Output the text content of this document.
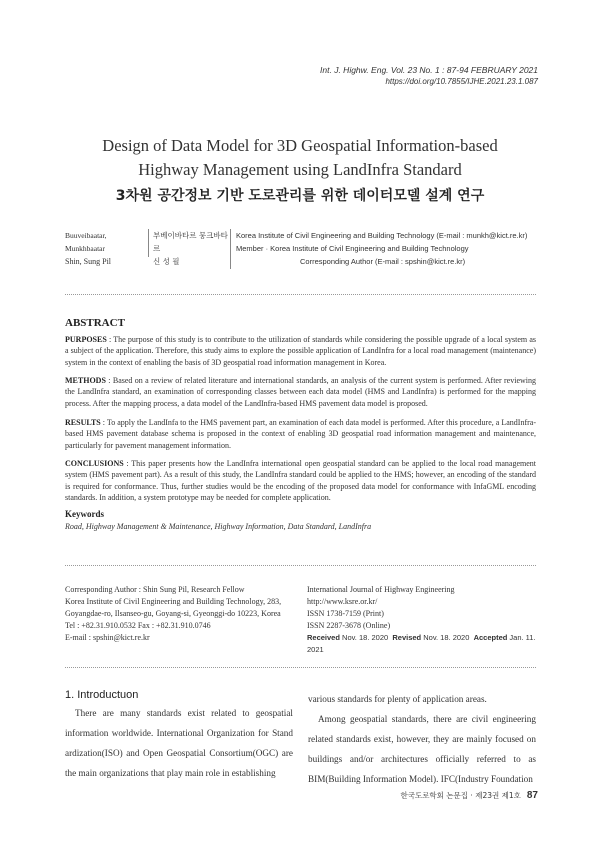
Int. J. Highw. Eng. Vol. 23 No. 1 : 87-94 FEBRUARY 2021
https://doi.org/10.7855/IJHE.2021.23.1.087
Design of Data Model for 3D Geospatial Information-based
Highway Management using LandInfra Standard
3차원 공간정보 기반 도로관리를 위한 데이터모델 설계 연구
Buuveibaatar, Munkhbaatar
Shin, Sung Pil
부베이바타르 뭉크바타르
신 성 필
Korea Institute of Civil Engineering and Building Technology (E-mail : munkh@kict.re.kr)
Member · Korea Institute of Civil Engineering and Building Technology
Corresponding Author (E-mail : spshin@kict.re.kr)
ABSTRACT
PURPOSES : The purpose of this study is to contribute to the utilization of standards while considering the possible upgrade of a local system as a subject of the application. Therefore, this study aims to explore the possible application of LandInfra for a local road management (maintenance) system in the context of enabling the basis of 3D geospatial road information management in Korea.
METHODS : Based on a review of related literature and international standards, an analysis of the current system is performed. After reviewing the LandInfra standard, an examination of corresponding classes between each data model (HMS and LandInfra) is performed for the mapping process. After the mapping process, a data model of the LandInfra-based HMS pavement data model is proposed.
RESULTS : To apply the LandInfa to the HMS pavement part, an examination of each data model is performed. After this procedure, a LandInfra-based HMS pavement database schema is proposed in the context of enabling 3D geospatial road information management and maintenance, particularly for pavement management information.
CONCLUSIONS : This paper presents how the LandInfra international open geospatial standard can be applied to the local road management system (HMS pavement part). As a result of this study, the LandInfra standard could be applied to the HMS; however, an encoding of the standard is required for conformance. Thus, further studies would be the encoding of the proposed data model for conformance with InfaGML encoding standards. In addition, a system prototype may be needed for complete application.
Keywords
Road, Highway Management & Maintenance, Highway Information, Data Standard, LandInfra
Corresponding Author : Shin Sung Pil, Research Fellow
Korea Institute of Civil Engineering and Building Technology, 283,
Goyangdae-ro, Ilsanseo-gu, Goyang-si, Gyeonggi-do 10223, Korea
Tel : +82.31.910.0532 Fax : +82.31.910.0746
E-mail : spshin@kict.re.kr
International Journal of Highway Engineering
http://www.ksre.or.kr/
ISSN 1738-7159 (Print)
ISSN 2287-3678 (Online)
Received Nov. 18. 2020 Revised Nov. 18. 2020 Accepted Jan. 11. 2021
1. Introductuon
There are many standards exist related to geospatial information worldwide. International Organization for Stand ardization(ISO) and Open Geospatial Consortium(OGC) are the main organizations that play main role in establishing
various standards for plenty of application areas.
Among geospatial standards, there are civil engineering related standards exist, however, they are mainly focused on buildings and/or architectures officially referred to as BIM(Building Information Model). IFC(Industry Foundation
한국도로학회 논문집 · 제23권 제1호 87
